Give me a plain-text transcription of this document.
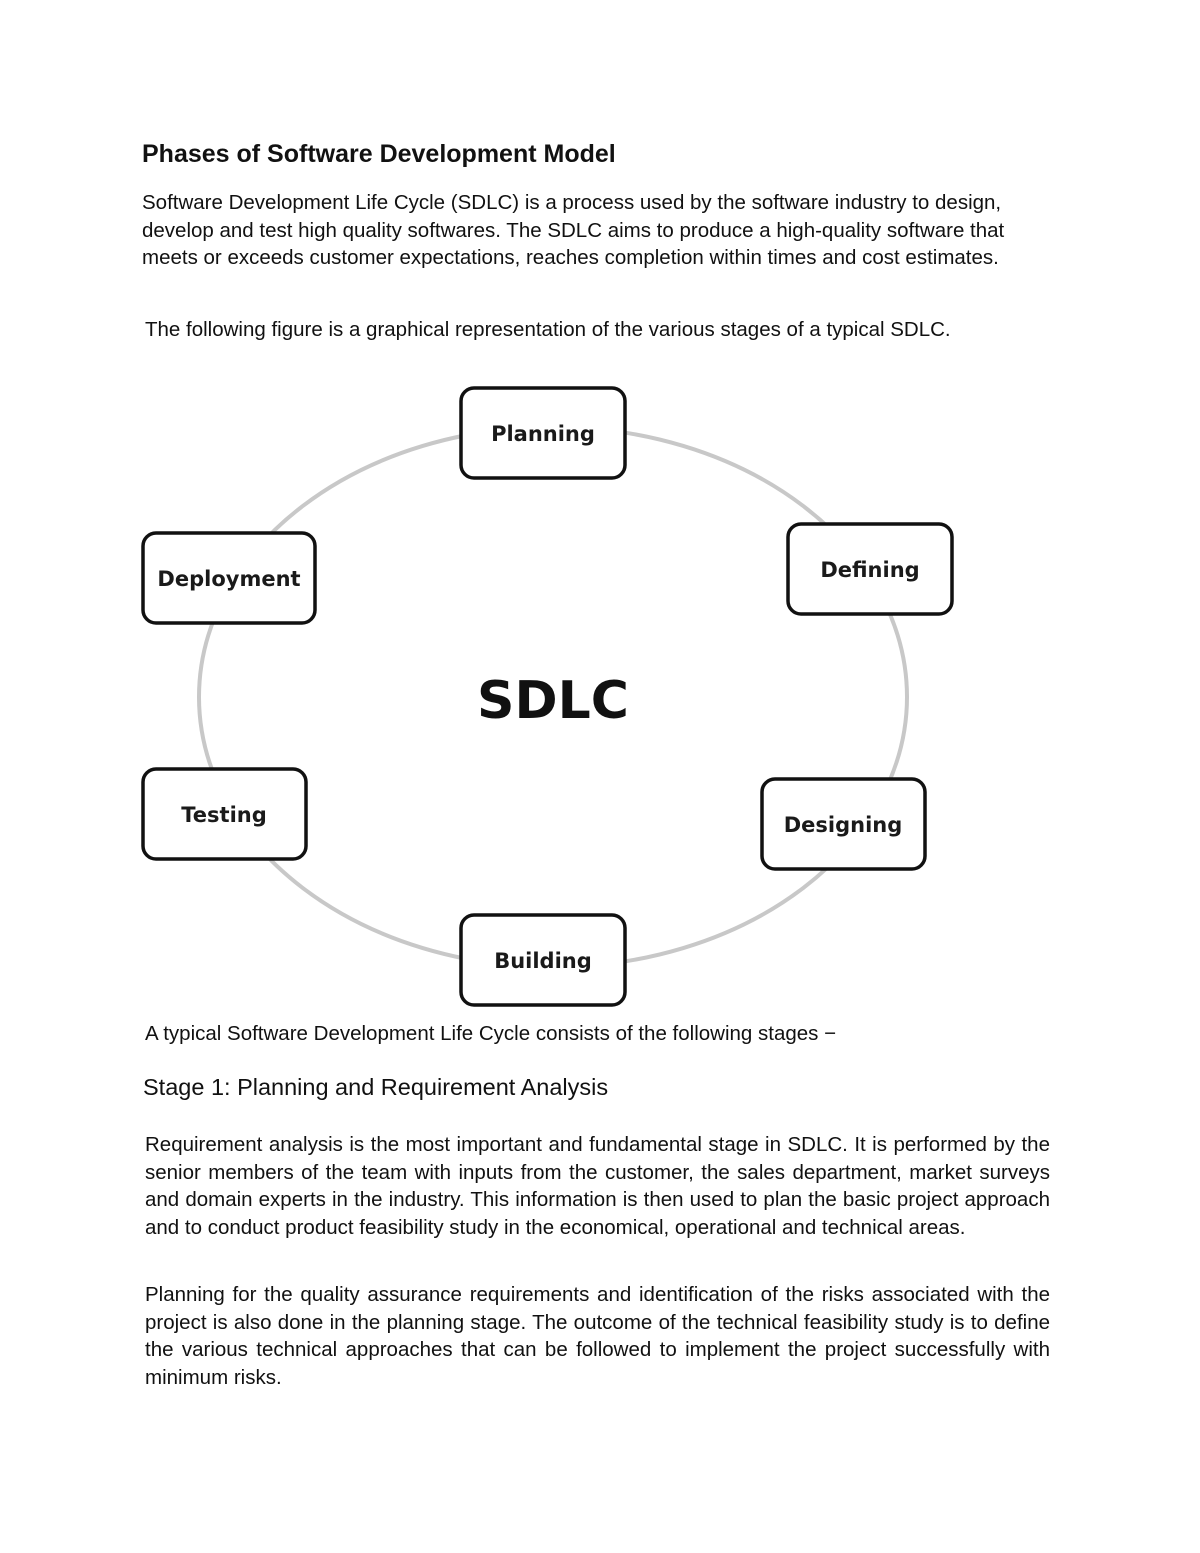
Phases of Software Development Model

Software Development Life Cycle (SDLC) is a process used by the software industry to design, develop and test high quality softwares. The SDLC aims to produce a high-quality software that meets or exceeds customer expectations, reaches completion within times and cost estimates.

The following figure is a graphical representation of the various stages of a typical SDLC.

SDLC
Planning
Defining
Designing
Building
Testing
Deployment

A typical Software Development Life Cycle consists of the following stages −

Stage 1: Planning and Requirement Analysis

Requirement analysis is the most important and fundamental stage in SDLC. It is performed by the senior members of the team with inputs from the customer, the sales department, market surveys and domain experts in the industry. This information is then used to plan the basic project approach and to conduct product feasibility study in the economical, operational and technical areas.

Planning for the quality assurance requirements and identification of the risks associated with the project is also done in the planning stage. The outcome of the technical feasibility study is to define the various technical approaches that can be followed to implement the project successfully with minimum risks.
